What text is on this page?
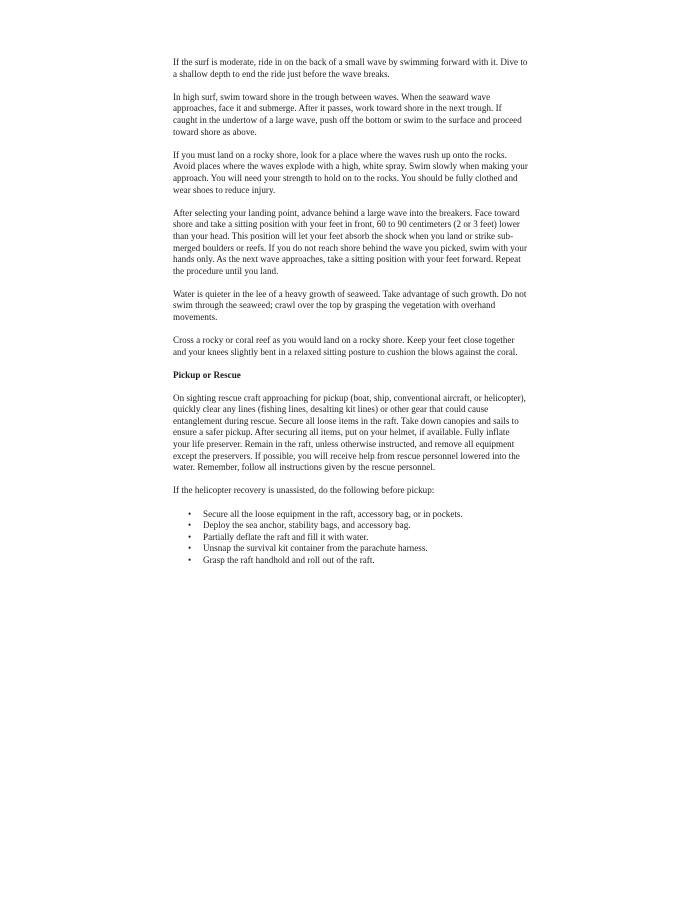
If the surf is moderate, ride in on the back of a small wave by swimming forward with it. Dive to a shallow depth to end the ride just before the wave breaks.

In high surf, swim toward shore in the trough between waves. When the seaward wave approaches, face it and submerge. After it passes, work toward shore in the next trough. If caught in the undertow of a large wave, push off the bottom or swim to the surface and proceed toward shore as above.

If you must land on a rocky shore, look for a place where the waves rush up onto the rocks. Avoid places where the waves explode with a high, white spray. Swim slowly when making your approach. You will need your strength to hold on to the rocks. You should be fully clothed and wear shoes to reduce injury.

After selecting your landing point, advance behind a large wave into the breakers. Face toward shore and take a sitting position with your feet in front, 60 to 90 centimeters (2 or 3 feet) lower than your head. This position will let your feet absorb the shock when you land or strike sub-merged boulders or reefs. If you do not reach shore behind the wave you picked, swim with your hands only. As the next wave approaches, take a sitting position with your feet forward. Repeat the procedure until you land.

Water is quieter in the lee of a heavy growth of seaweed. Take advantage of such growth. Do not swim through the seaweed; crawl over the top by grasping the vegetation with overhand movements.

Cross a rocky or coral reef as you would land on a rocky shore. Keep your feet close together and your knees slightly bent in a relaxed sitting posture to cushion the blows against the coral.

Pickup or Rescue

On sighting rescue craft approaching for pickup (boat, ship, conventional aircraft, or helicopter), quickly clear any lines (fishing lines, desalting kit lines) or other gear that could cause entanglement during rescue. Secure all loose items in the raft. Take down canopies and sails to ensure a safer pickup. After securing all items, put on your helmet, if available. Fully inflate your life preserver. Remain in the raft, unless otherwise instructed, and remove all equipment except the preservers. If possible, you will receive help from rescue personnel lowered into the water. Remember, follow all instructions given by the rescue personnel.

If the helicopter recovery is unassisted, do the following before pickup:

• Secure all the loose equipment in the raft, accessory bag, or in pockets.
• Deploy the sea anchor, stability bags, and accessory bag.
• Partially deflate the raft and fill it with water.
• Unsnap the survival kit container from the parachute harness.
• Grasp the raft handhold and roll out of the raft.
